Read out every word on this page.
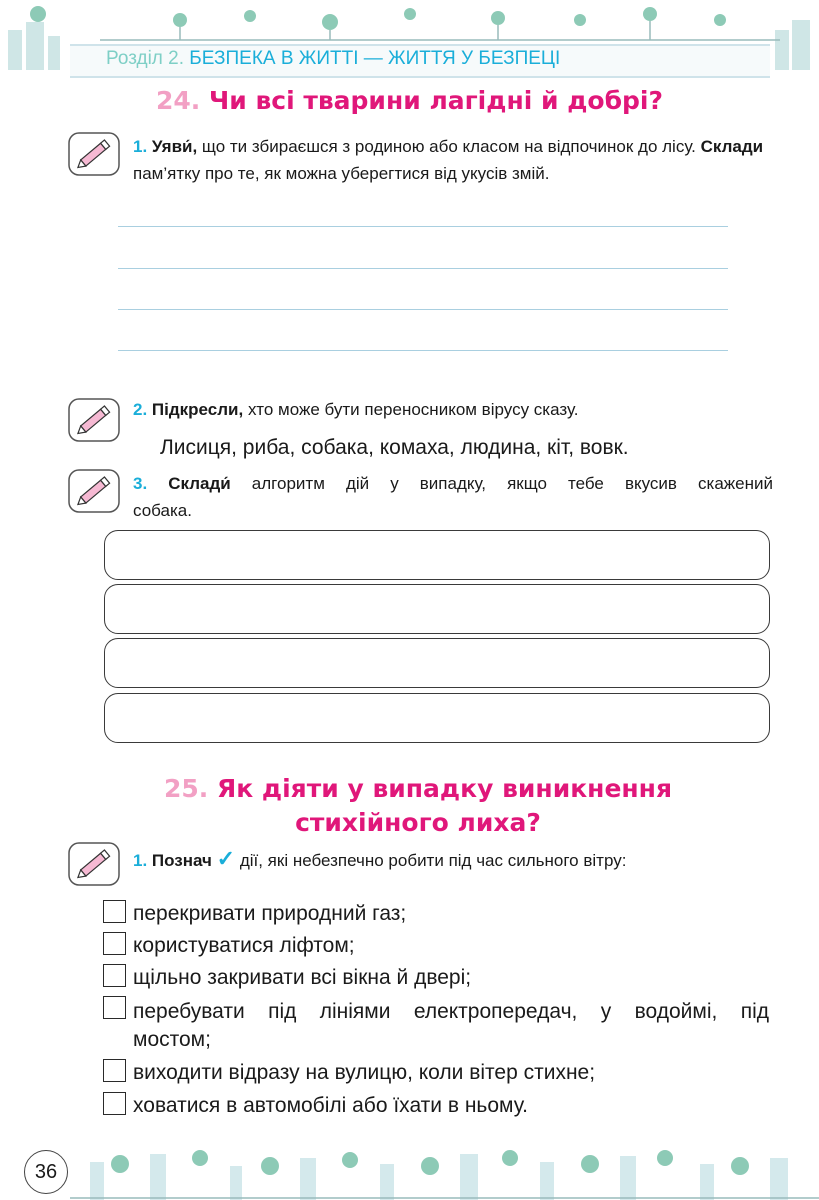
Розділ 2. БЕЗПЕКА В ЖИТТІ — ЖИТТЯ У БЕЗПЕЦІ
24. Чи всі тварини лагідні й добрі?
1. Уяви́, що ти збираєшся з родиною або класом на відпочинок до лісу. Склади пам’ятку про те, як можна уберегтися від укусів змій.
2. Підкресли, хто може бути переносником вірусу сказу.
Лисиця, риба, собака, комаха, людина, кіт, вовк.
3. Склади́ алгоритм дій у випадку, якщо тебе вкусив скажений
собака.
25. Як діяти у випадку виникнення
стихійного лиха?
1. Познач ✓ дії, які небезпечно робити під час сильного вітру:
перекривати природний газ;
користуватися ліфтом;
щільно закривати всі вікна й двері;
перебувати під лініями електропередач, у водоймі, під
мостом;
виходити відразу на вулицю, коли вітер стихне;
ховатися в автомобілі або їхати в ньому.
36
